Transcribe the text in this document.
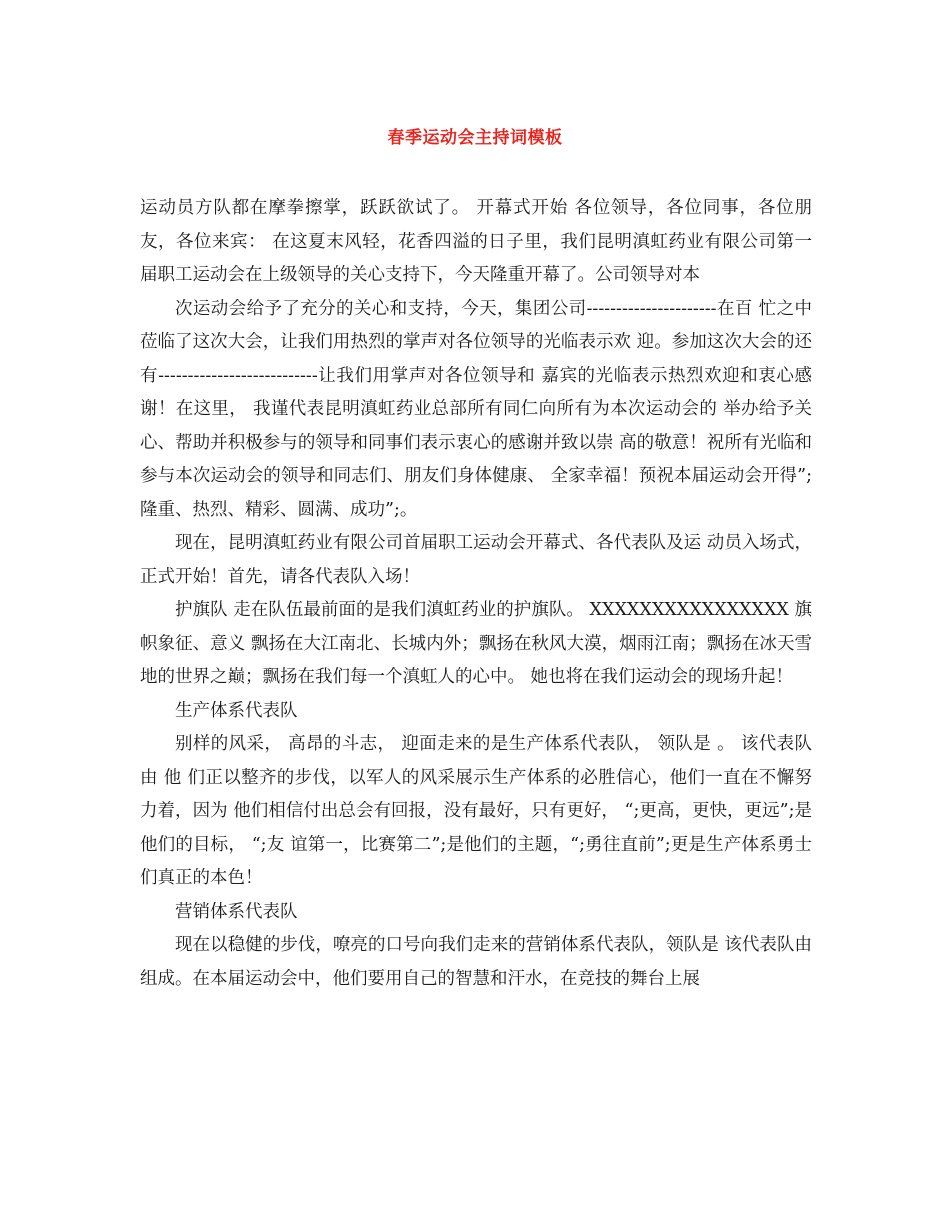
春季运动会主持词模板

运动员方队都在摩拳擦掌，跃跃欲试了。 开幕式开始 各位领导，各位同事，各位朋友，各位来宾： 在这夏末风轻，花香四溢的日子里，我们昆明滇虹药业有限公司第一 届职工运动会在上级领导的关心支持下，今天隆重开幕了。公司领导对本

次运动会给予了充分的关心和支持，今天，集团公司----------------------在百 忙之中莅临了这次大会，让我们用热烈的掌声对各位领导的光临表示欢 迎。参加这次大会的还有---------------------------让我们用掌声对各位领导和 嘉宾的光临表示热烈欢迎和衷心感谢！在这里， 我谨代表昆明滇虹药业总部所有同仁向所有为本次运动会的 举办给予关心、帮助并积极参与的领导和同事们表示衷心的感谢并致以崇 高的敬意！祝所有光临和参与本次运动会的领导和同志们、朋友们身体健康、 全家幸福！预祝本届运动会开得”;隆重、热烈、精彩、圆满、成功”;。

现在，昆明滇虹药业有限公司首届职工运动会开幕式、各代表队及运 动员入场式，正式开始！首先，请各代表队入场！

护旗队 走在队伍最前面的是我们滇虹药业的护旗队。 XXXXXXXXXXXXXXXX 旗帜象征、意义 飘扬在大江南北、长城内外；飘扬在秋风大漠，烟雨江南；飘扬在冰天雪地的世界之巅；飘扬在我们每一个滇虹人的心中。 她也将在我们运动会的现场升起！

生产体系代表队

别样的风采， 高昂的斗志， 迎面走来的是生产体系代表队， 领队是 。 该代表队由 他 们正以整齐的步伐，以军人的风采展示生产体系的必胜信心，他们一直在不懈努力着，因为 他们相信付出总会有回报，没有最好，只有更好， “;更高，更快，更远”;是他们的目标， “;友 谊第一，比赛第二”;是他们的主题，“;勇往直前”;更是生产体系勇士们真正的本色！

营销体系代表队

现在以稳健的步伐，嘹亮的口号向我们走来的营销体系代表队，领队是 该代表队由 组成。在本届运动会中，他们要用自己的智慧和汗水，在竞技的舞台上展
